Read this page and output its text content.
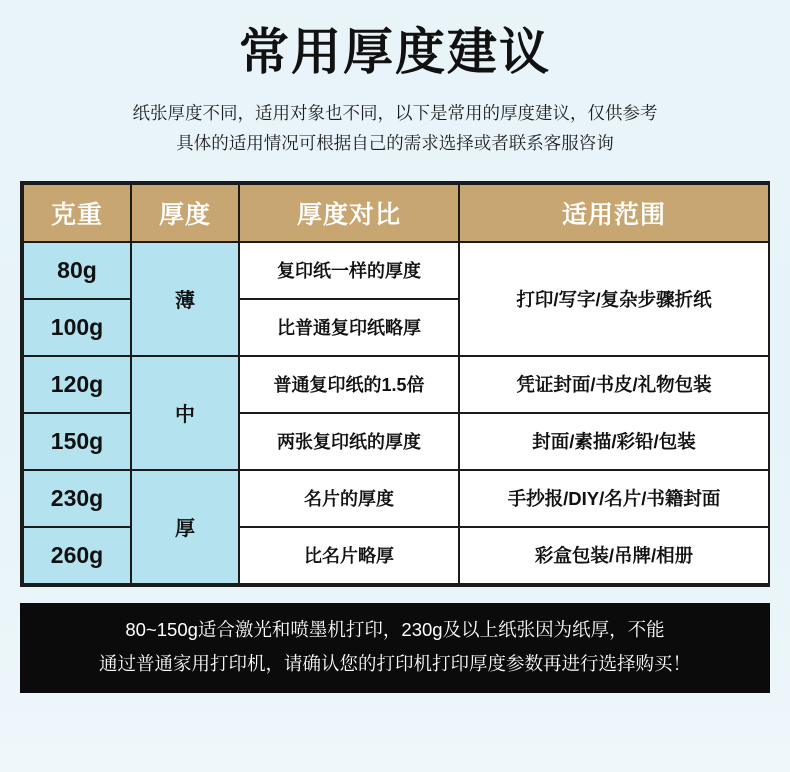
常用厚度建议
纸张厚度不同，适用对象也不同，以下是常用的厚度建议，仅供参考
具体的适用情况可根据自己的需求选择或者联系客服咨询
克重	厚度	厚度对比	适用范围
80g	薄	复印纸一样的厚度	打印/写字/复杂步骤折纸
100g		比普通复印纸略厚	
120g	中	普通复印纸的1.5倍	凭证封面/书皮/礼物包装
150g		两张复印纸的厚度	封面/素描/彩铅/包装
230g	厚	名片的厚度	手抄报/DIY/名片/书籍封面
260g		比名片略厚	彩盒包装/吊牌/相册
80~150g适合激光和喷墨机打印，230g及以上纸张因为纸厚，不能
通过普通家用打印机，请确认您的打印机打印厚度参数再进行选择购买！
